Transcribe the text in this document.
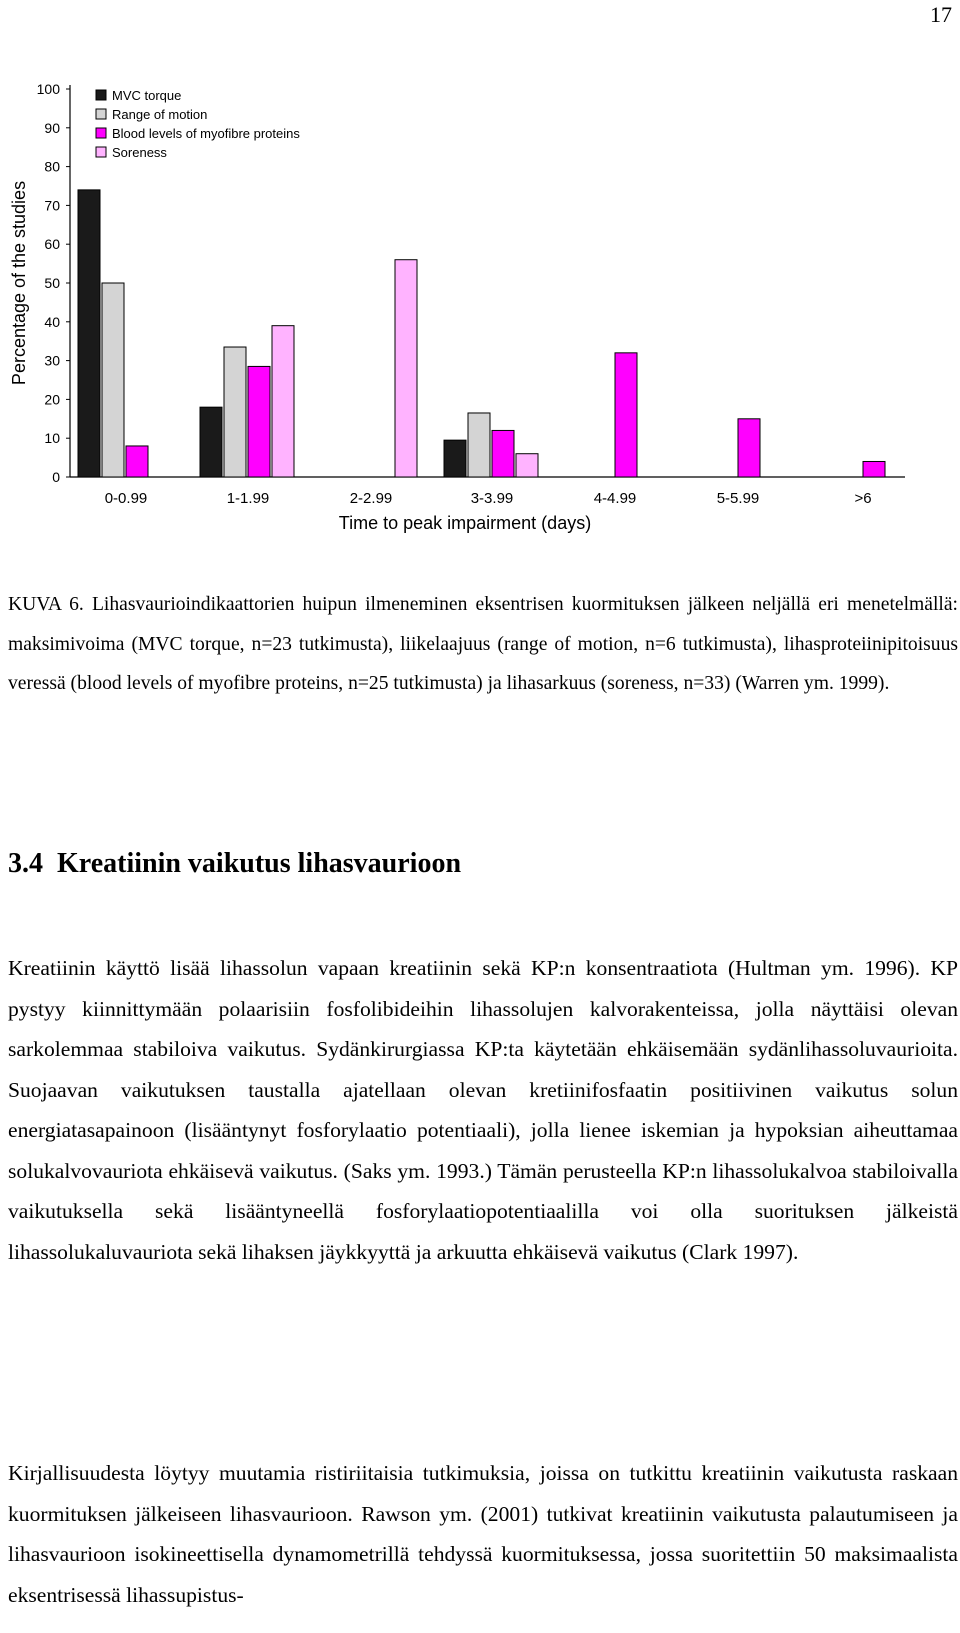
17
0
10
20
30
40
50
60
70
80
90
100
Percentage of the studies
0-0.99	1-1.99	2-2.99	3-3.99	4-4.99	5-5.99	>6
Time to peak impairment (days)
MVC torque
Range of motion
Blood levels of myofibre proteins
Soreness
KUVA 6. Lihasvaurioindikaattorien huipun ilmeneminen eksentrisen kuormituksen jälkeen neljällä eri menetelmällä: maksimivoima (MVC torque, n=23 tutkimusta), liikelaajuus (range of motion, n=6 tutkimusta), lihasproteiinipitoisuus veressä (blood levels of myofibre proteins, n=25 tutkimusta) ja lihasarkuus (soreness, n=33) (Warren ym. 1999).
3.4 Kreatiinin vaikutus lihasvaurioon

Kreatiinin käyttö lisää lihassolun vapaan kreatiinin sekä KP:n konsentraatiota (Hultman ym. 1996). KP pystyy kiinnittymään polaarisiin fosfolibideihin lihassolujen kalvorakenteissa, jolla näyttäisi olevan sarkolemmaa stabiloiva vaikutus. Sydänkirurgiassa KP:ta käytetään ehkäisemään sydänlihassoluvaurioita. Suojaavan vaikutuksen taustalla ajatellaan olevan kretiinifosfaatin positiivinen vaikutus solun energiatasapainoon (lisääntynyt fosforylaatio potentiaali), jolla lienee iskemian ja hypoksian aiheuttamaa solukalvovauriota ehkäisevä vaikutus. (Saks ym. 1993.) Tämän perusteella KP:n lihassolukalvoa stabiloivalla vaikutuksella sekä lisääntyneellä fosforylaatiopotentiaalilla voi olla suorituksen jälkeistä lihassolukaluvauriota sekä lihaksen jäykkyyttä ja arkuutta ehkäisevä vaikutus (Clark 1997).

Kirjallisuudesta löytyy muutamia ristiriitaisia tutkimuksia, joissa on tutkittu kreatiinin vaikutusta raskaan kuormituksen jälkeiseen lihasvaurioon. Rawson ym. (2001) tutkivat kreatiinin vaikutusta palautumiseen ja lihasvaurioon isokineettisella dynamometrillä tehdyssä kuormituksessa, jossa suoritettiin 50 maksimaalista eksentrisessä lihassupistus-
